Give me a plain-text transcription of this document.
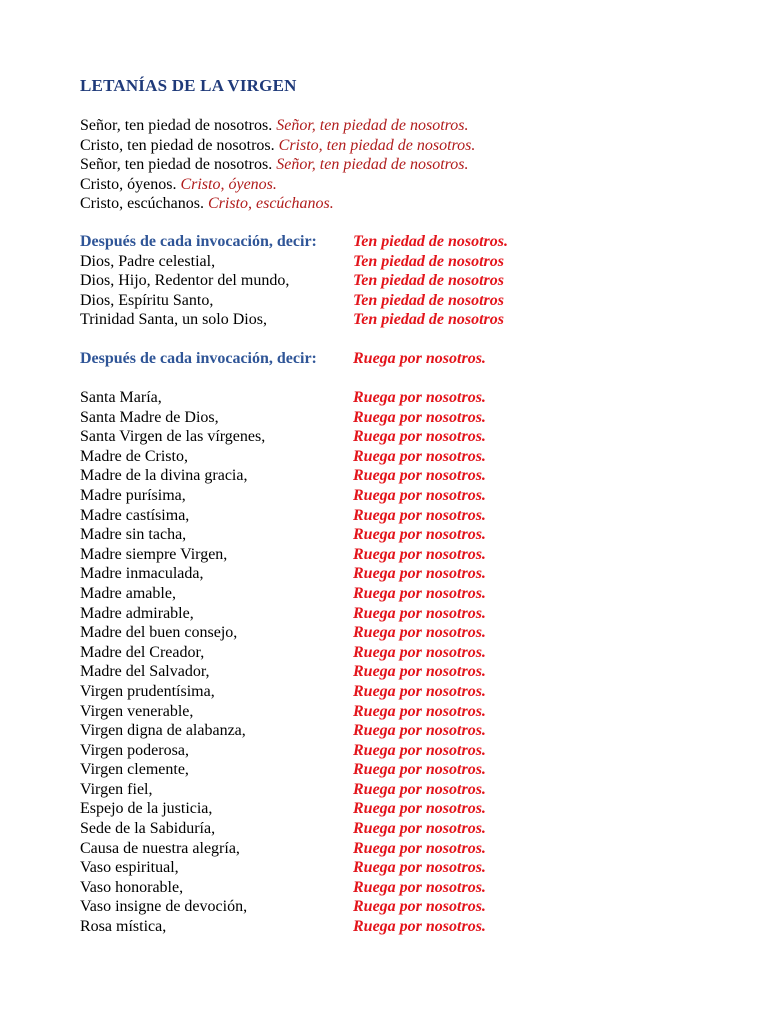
LETANÍAS DE LA VIRGEN
Señor, ten piedad de nosotros. Señor, ten piedad de nosotros.
Cristo, ten piedad de nosotros. Cristo, ten piedad de nosotros.
Señor, ten piedad de nosotros. Señor, ten piedad de nosotros.
Cristo, óyenos. Cristo, óyenos.
Cristo, escúchanos. Cristo, escúchanos.
Después de cada invocación, decir: Ten piedad de nosotros.
Dios, Padre celestial,	Ten piedad de nosotros
Dios, Hijo, Redentor del mundo,	Ten piedad de nosotros
Dios, Espíritu Santo,	Ten piedad de nosotros
Trinidad Santa, un solo Dios,	Ten piedad de nosotros
Después de cada invocación, decir: Ruega por nosotros.
Santa María,	Ruega por nosotros.
Santa Madre de Dios,	Ruega por nosotros.
Santa Virgen de las vírgenes,	Ruega por nosotros.
Madre de Cristo,	Ruega por nosotros.
Madre de la divina gracia,	Ruega por nosotros.
Madre purísima,	Ruega por nosotros.
Madre castísima,	Ruega por nosotros.
Madre sin tacha,	Ruega por nosotros.
Madre siempre Virgen,	Ruega por nosotros.
Madre inmaculada,	Ruega por nosotros.
Madre amable,	Ruega por nosotros.
Madre admirable,	Ruega por nosotros.
Madre del buen consejo,	Ruega por nosotros.
Madre del Creador,	Ruega por nosotros.
Madre del Salvador,	Ruega por nosotros.
Virgen prudentísima,	Ruega por nosotros.
Virgen venerable,	Ruega por nosotros.
Virgen digna de alabanza,	Ruega por nosotros.
Virgen poderosa,	Ruega por nosotros.
Virgen clemente,	Ruega por nosotros.
Virgen fiel,	Ruega por nosotros.
Espejo de la justicia,	Ruega por nosotros.
Sede de la Sabiduría,	Ruega por nosotros.
Causa de nuestra alegría,	Ruega por nosotros.
Vaso espiritual,	Ruega por nosotros.
Vaso honorable,	Ruega por nosotros.
Vaso insigne de devoción,	Ruega por nosotros.
Rosa mística,	Ruega por nosotros.
